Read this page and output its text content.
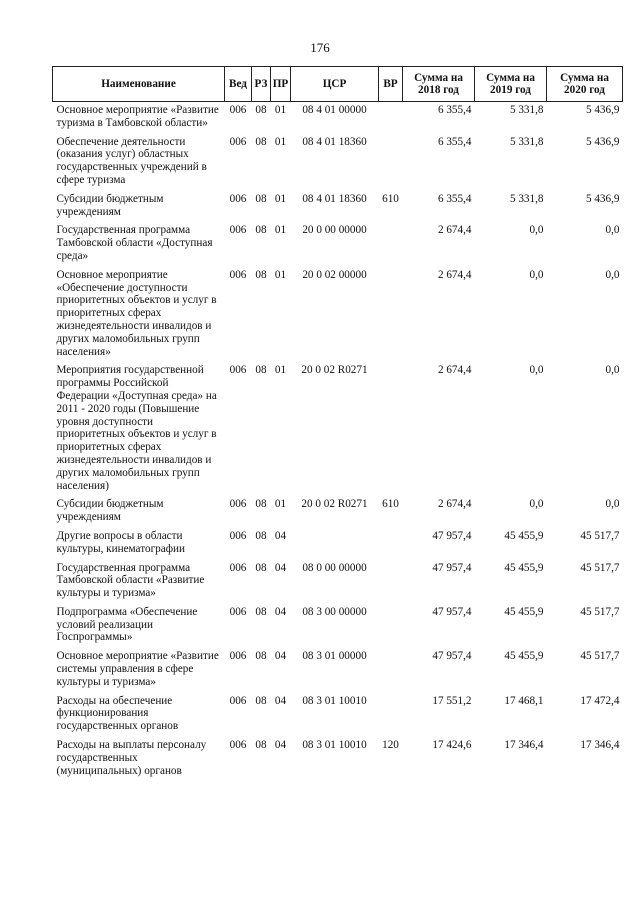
176
Наименование	Вед	РЗ	ПР	ЦСР	ВР	Сумма на 2018 год	Сумма на 2019 год	Сумма на 2020 год
Основное мероприятие «Развитие туризма в Тамбовской области»	006	08	01	08 4 01 00000		6 355,4	5 331,8	5 436,9
Обеспечение деятельности (оказания услуг) областных государственных учреждений в сфере туризма	006	08	01	08 4 01 18360		6 355,4	5 331,8	5 436,9
Субсидии бюджетным учреждениям	006	08	01	08 4 01 18360	610	6 355,4	5 331,8	5 436,9
Государственная программа Тамбовской области «Доступная среда»	006	08	01	20 0 00 00000		2 674,4	0,0	0,0
Основное мероприятие «Обеспечение доступности приоритетных объектов и услуг в приоритетных сферах жизнедеятельности инвалидов и других маломобильных групп населения»	006	08	01	20 0 02 00000		2 674,4	0,0	0,0
Мероприятия государственной программы Российской Федерации «Доступная среда» на 2011 - 2020 годы (Повышение уровня доступности приоритетных объектов и услуг в приоритетных сферах жизнедеятельности инвалидов и других маломобильных групп населения)	006	08	01	20 0 02 R0271		2 674,4	0,0	0,0
Субсидии бюджетным учреждениям	006	08	01	20 0 02 R0271	610	2 674,4	0,0	0,0
Другие вопросы в области культуры, кинематографии	006	08	04			47 957,4	45 455,9	45 517,7
Государственная программа Тамбовской области «Развитие культуры и туризма»	006	08	04	08 0 00 00000		47 957,4	45 455,9	45 517,7
Подпрограмма «Обеспечение условий реализации Госпрограммы»	006	08	04	08 3 00 00000		47 957,4	45 455,9	45 517,7
Основное мероприятие «Развитие системы управления в сфере культуры и туризма»	006	08	04	08 3 01 00000		47 957,4	45 455,9	45 517,7
Расходы на обеспечение функционирования государственных органов	006	08	04	08 3 01 10010		17 551,2	17 468,1	17 472,4
Расходы на выплаты персоналу государственных (муниципальных) органов	006	08	04	08 3 01 10010	120	17 424,6	17 346,4	17 346,4
